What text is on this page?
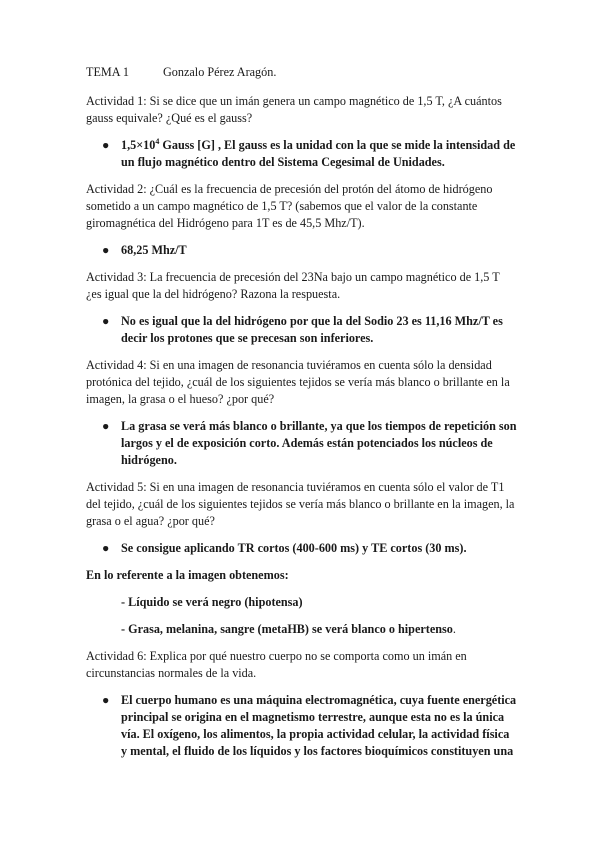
TEMA 1	Gonzalo Pérez Aragón.

Actividad 1: Si se dice que un imán genera un campo magnético de 1,5 T, ¿A cuántos gauss equivale? ¿Qué es el gauss?

● $1,5\times 10^4$ Gauss [G] , El gauss es la unidad con la que se mide la intensidad de un flujo magnético dentro del Sistema Cegesimal de Unidades.

Actividad 2: ¿Cuál es la frecuencia de precesión del protón del átomo de hidrógeno sometido a un campo magnético de 1,5 T? (sabemos que el valor de la constante giromagnética del Hidrógeno para 1T es de 45,5 Mhz/T).

● 68,25 Mhz/T

Actividad 3: La frecuencia de precesión del 23Na bajo un campo magnético de 1,5 T ¿es igual que la del hidrógeno? Razona la respuesta.

● No es igual que la del hidrógeno por que la del Sodio 23 es 11,16 Mhz/T es decir los protones que se precesan son inferiores.

Actividad 4: Si en una imagen de resonancia tuviéramos en cuenta sólo la densidad protónica del tejido, ¿cuál de los siguientes tejidos se vería más blanco o brillante en la imagen, la grasa o el hueso? ¿por qué?

● La grasa se verá más blanco o brillante, ya que los tiempos de repetición son largos y el de exposición corto. Además están potenciados los núcleos de hidrógeno.

Actividad 5: Si en una imagen de resonancia tuviéramos en cuenta sólo el valor de T1 del tejido, ¿cuál de los siguientes tejidos se vería más blanco o brillante en la imagen, la grasa o el agua? ¿por qué?

● Se consigue aplicando TR cortos (400-600 ms) y TE cortos (30 ms).

En lo referente a la imagen obtenemos:

- Líquido se verá negro (hipotensa)

- Grasa, melanina, sangre (metaHB) se verá blanco o hipertenso.

Actividad 6: Explica por qué nuestro cuerpo no se comporta como un imán en circunstancias normales de la vida.

● El cuerpo humano es una máquina electromagnética, cuya fuente energética principal se origina en el magnetismo terrestre, aunque esta no es la única vía. El oxígeno, los alimentos, la propia actividad celular, la actividad física y mental, el fluido de los líquidos y los factores bioquímicos constituyen una
